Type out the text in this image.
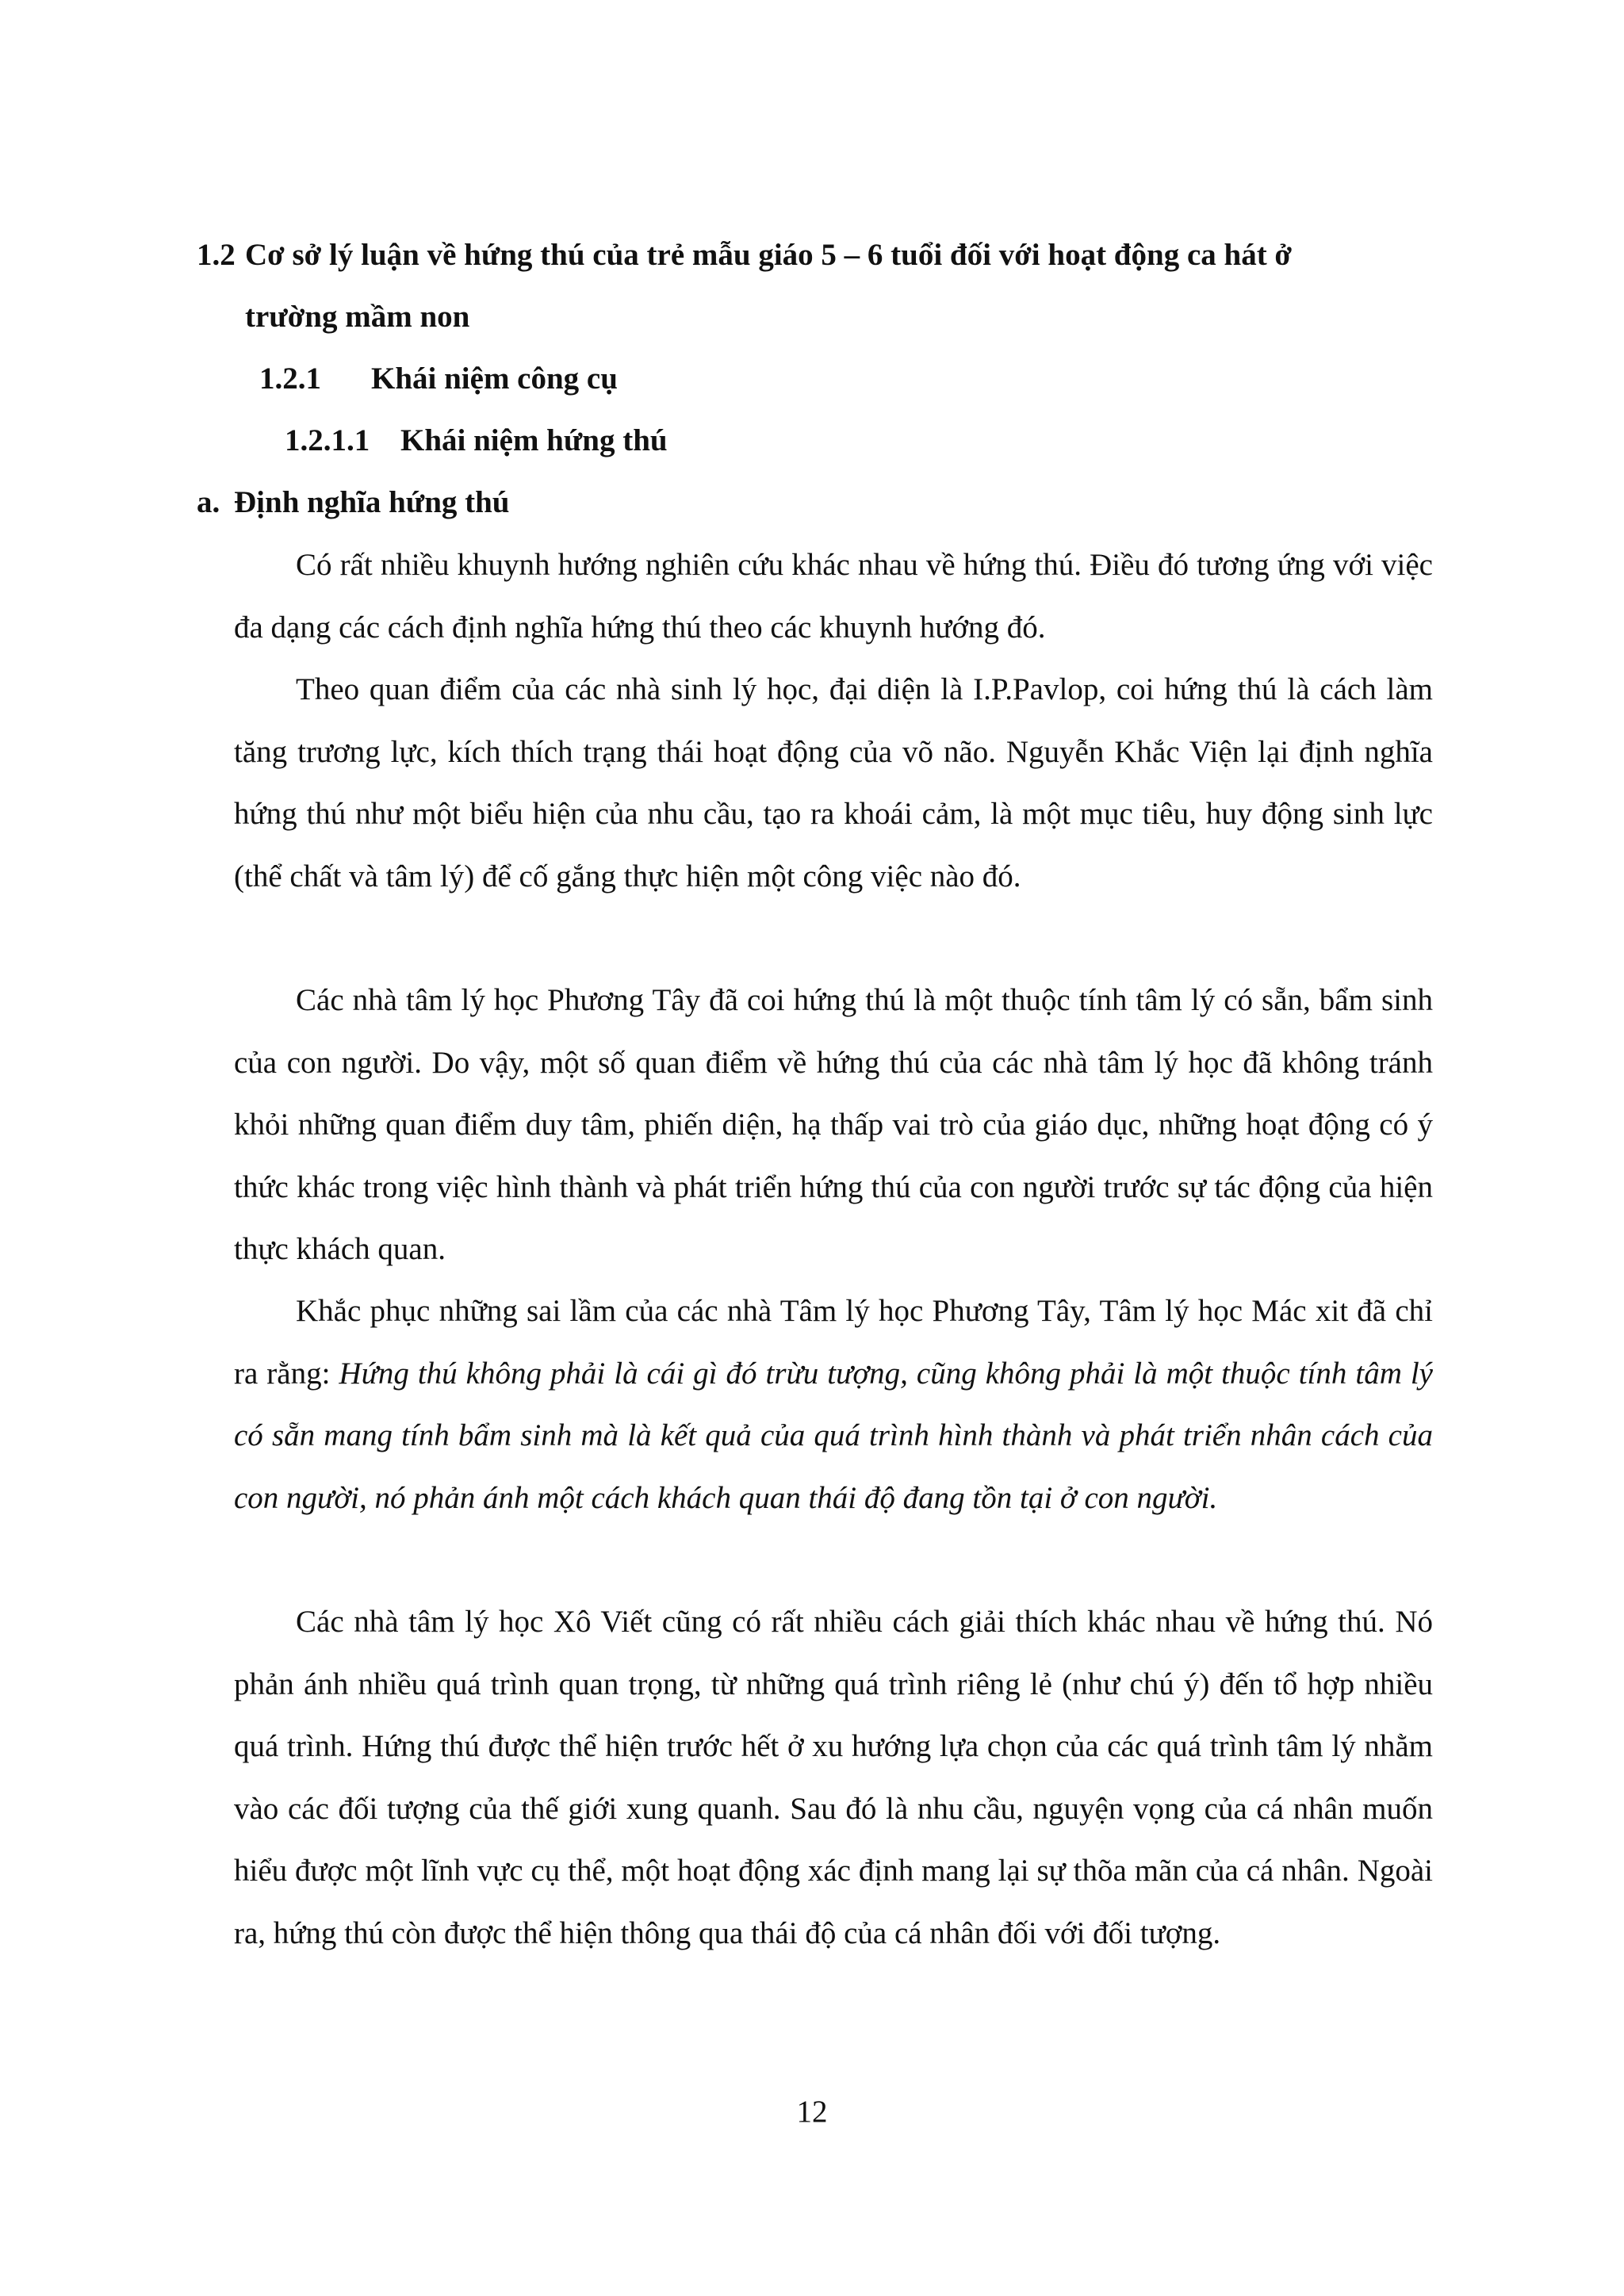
1.2 Cơ sở lý luận về hứng thú của trẻ mẫu giáo 5 – 6 tuổi đối với hoạt động ca hát ở
trường mầm non
1.2.1 Khái niệm công cụ
1.2.1.1 Khái niệm hứng thú
a. Định nghĩa hứng thú

Có rất nhiều khuynh hướng nghiên cứu khác nhau về hứng thú. Điều đó tương ứng với việc đa dạng các cách định nghĩa hứng thú theo các khuynh hướng đó.

Theo quan điểm của các nhà sinh lý học, đại diện là I.P.Pavlop, coi hứng thú là cách làm tăng trương lực, kích thích trạng thái hoạt động của võ não. Nguyễn Khắc Viện lại định nghĩa hứng thú như một biểu hiện của nhu cầu, tạo ra khoái cảm, là một mục tiêu, huy động sinh lực (thể chất và tâm lý) để cố gắng thực hiện một công việc nào đó.

Các nhà tâm lý học Phương Tây đã coi hứng thú là một thuộc tính tâm lý có sẵn, bẩm sinh của con người. Do vậy, một số quan điểm về hứng thú của các nhà tâm lý học đã không tránh khỏi những quan điểm duy tâm, phiến diện, hạ thấp vai trò của giáo dục, những hoạt động có ý thức khác trong việc hình thành và phát triển hứng thú của con người trước sự tác động của hiện thực khách quan.

Khắc phục những sai lầm của các nhà Tâm lý học Phương Tây, Tâm lý học Mác xit đã chỉ ra rằng: Hứng thú không phải là cái gì đó trừu tượng, cũng không phải là một thuộc tính tâm lý có sẵn mang tính bẩm sinh mà là kết quả của quá trình hình thành và phát triển nhân cách của con người, nó phản ánh một cách khách quan thái độ đang tồn tại ở con người.

Các nhà tâm lý học Xô Viết cũng có rất nhiều cách giải thích khác nhau về hứng thú. Nó phản ánh nhiều quá trình quan trọng, từ những quá trình riêng lẻ (như chú ý) đến tổ hợp nhiều quá trình. Hứng thú được thể hiện trước hết ở xu hướng lựa chọn của các quá trình tâm lý nhằm vào các đối tượng của thế giới xung quanh. Sau đó là nhu cầu, nguyện vọng của cá nhân muốn hiểu được một lĩnh vực cụ thể, một hoạt động xác định mang lại sự thõa mãn của cá nhân. Ngoài ra, hứng thú còn được thể hiện thông qua thái độ của cá nhân đối với đối tượng.

12
